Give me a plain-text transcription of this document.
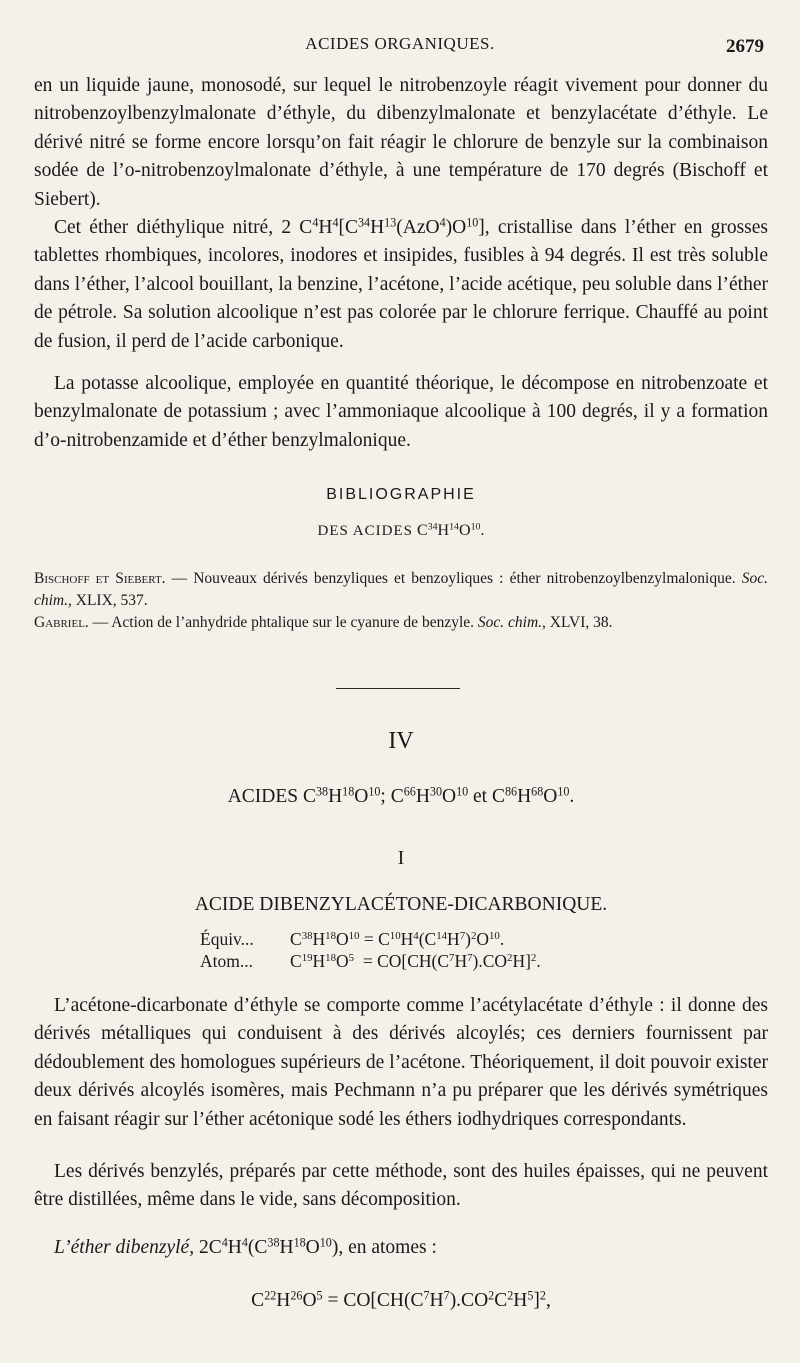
ACIDES ORGANIQUES.	2679

en un liquide jaune, monosodé, sur lequel le nitrobenzoyle réagit vivement pour donner du nitrobenzoylbenzylmalonate d’éthyle, du dibenzylmalonate et benzylacétate d’éthyle. Le dérivé nitré se forme encore lorsqu’on fait réagir le chlorure de benzyle sur la combinaison sodée de l’o-nitrobenzoylmalonate d’éthyle, à une température de 170 degrés (Bischoff et Siebert).

Cet éther diéthylique nitré, 2 $C^4H^4[C^{34}H^{13}(AzO^4)O^{10}]$, cristallise dans l’éther en grosses tablettes rhombiques, incolores, inodores et insipides, fusibles à 94 degrés. Il est très soluble dans l’éther, l’alcool bouillant, la benzine, l’acétone, l’acide acétique, peu soluble dans l’éther de pétrole. Sa solution alcoolique n’est pas colorée par le chlorure ferrique. Chauffé au point de fusion, il perd de l’acide carbonique.

La potasse alcoolique, employée en quantité théorique, le décompose en nitrobenzoate et benzylmalonate de potassium ; avec l’ammoniaque alcoolique à 100 degrés, il y a formation d’o-nitrobenzamide et d’éther benzylmalonique.

BIBLIOGRAPHIE
DES ACIDES $C^{34}H^{14}O^{10}$.

Bischoff et Siebert. — Nouveaux dérivés benzyliques et benzoyliques : éther nitrobenzoylbenzylmalonique. Soc. chim., XLIX, 537.

Gabriel. — Action de l’anhydride phtalique sur le cyanure de benzyle. Soc. chim., XLVI, 38.

IV
ACIDES $C^{38}H^{18}O^{10}$; $C^{66}H^{30}O^{10}$ et $C^{86}H^{68}O^{10}$.
I
ACIDE DIBENZYLACÉTONE-DICARBONIQUE.
Équiv...	$C^{38}H^{18}O^{10} = C^{10}H^4(C^{14}H^7)^2O^{10}$.
Atom...	$C^{19}H^{18}O^5 = CO[CH(C^7H^7).CO^2H]^2$.

L’acétone-dicarbonate d’éthyle se comporte comme l’acétylacétate d’éthyle : il donne des dérivés métalliques qui conduisent à des dérivés alcoylés; ces derniers fournissent par dédoublement des homologues supérieurs de l’acétone. Théoriquement, il doit pouvoir exister deux dérivés alcoylés isomères, mais Pechmann n’a pu préparer que les dérivés symétriques en faisant réagir sur l’éther acétonique sodé les éthers iodhydriques correspondants.

Les dérivés benzylés, préparés par cette méthode, sont des huiles épaisses, qui ne peuvent être distillées, même dans le vide, sans décomposition.

L’éther dibenzylé, $2C^4H^4(C^{38}H^{18}O^{10})$, en atomes :

$C^{22}H^{26}O^5 = CO[CH(C^7H^7).CO^2C^2H^5]^2$,
